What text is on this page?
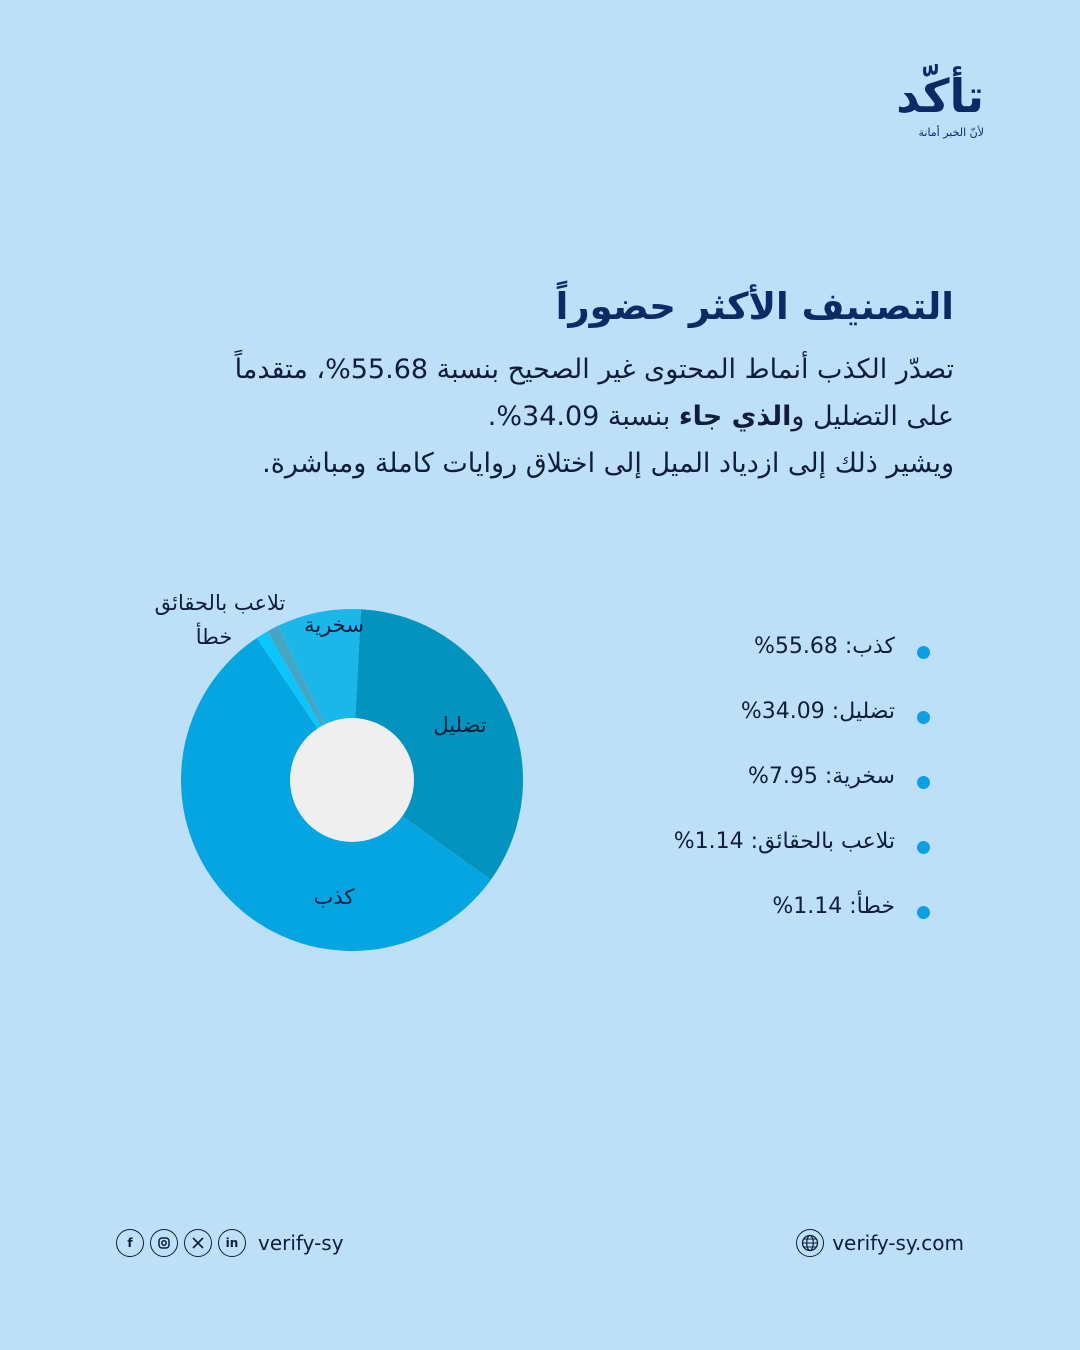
تأكّد
لأنّ الخبر أمانة
التصنيف الأكثر حضوراً

تصدّر الكذب أنماط المحتوى غير الصحيح بنسبة 55.68%، متقدماً
على التضليل والذي جاء بنسبة 34.09%.
ويشير ذلك إلى ازدياد الميل إلى اختلاق روايات كاملة ومباشرة.

كذب
تضليل
سخرية
تلاعب بالحقائق
خطأ	كذب
:
%55.68
تضليل
:
%34.09
سخرية
:
%7.95
تلاعب بالحقائق
:
%1.14
خطأ
:
%1.14
f	in verify-sy	verify-sy.com
